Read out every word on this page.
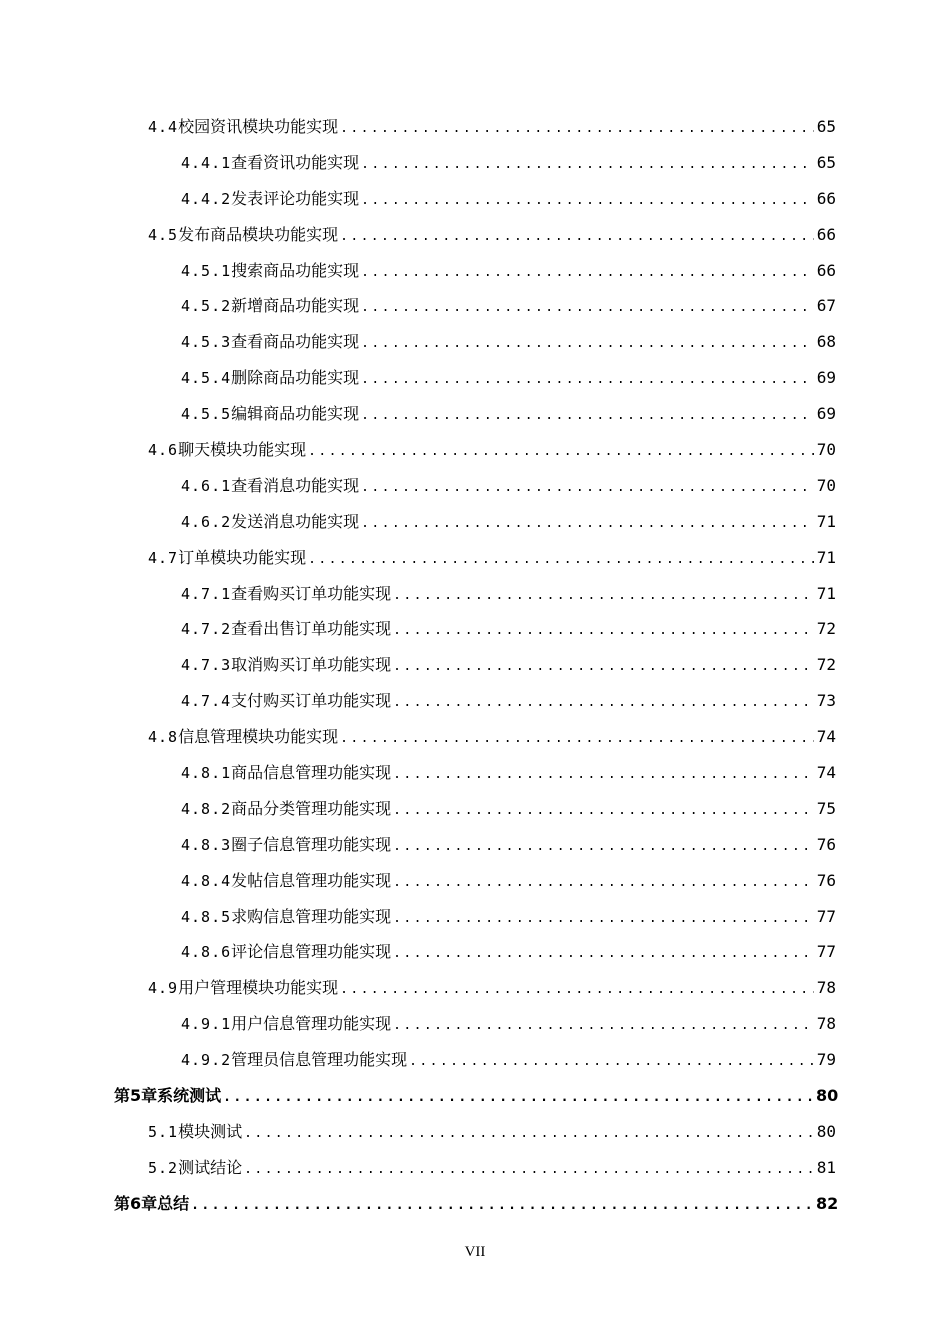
4.4 校园资讯模块功能实现 .....	65
4.4.1 查看资讯功能实现 .....	65
4.4.2 发表评论功能实现 .....	66
4.5 发布商品模块功能实现 .....	66
4.5.1 搜索商品功能实现 .....	66
4.5.2 新增商品功能实现 .....	67
4.5.3 查看商品功能实现 .....	68
4.5.4 删除商品功能实现 .....	69
4.5.5 编辑商品功能实现 .....	69
4.6 聊天模块功能实现 .....	70
4.6.1 查看消息功能实现 .....	70
4.6.2 发送消息功能实现 .....	71
4.7 订单模块功能实现 .....	71
4.7.1 查看购买订单功能实现 .....	71
4.7.2 查看出售订单功能实现 .....	72
4.7.3 取消购买订单功能实现 .....	72
4.7.4 支付购买订单功能实现 .....	73
4.8 信息管理模块功能实现 .....	74
4.8.1 商品信息管理功能实现 .....	74
4.8.2 商品分类管理功能实现 .....	75
4.8.3 圈子信息管理功能实现 .....	76
4.8.4 发帖信息管理功能实现 .....	76
4.8.5 求购信息管理功能实现 .....	77
4.8.6 评论信息管理功能实现 .....	77
4.9 用户管理模块功能实现 .....	78
4.9.1 用户信息管理功能实现 .....	78
4.9.2 管理员信息管理功能实现 .....	79
第5章 系统测试 .....	80
5.1 模块测试 .....	80
5.2 测试结论 .....	81
第6章 总结 .....	82
VII
